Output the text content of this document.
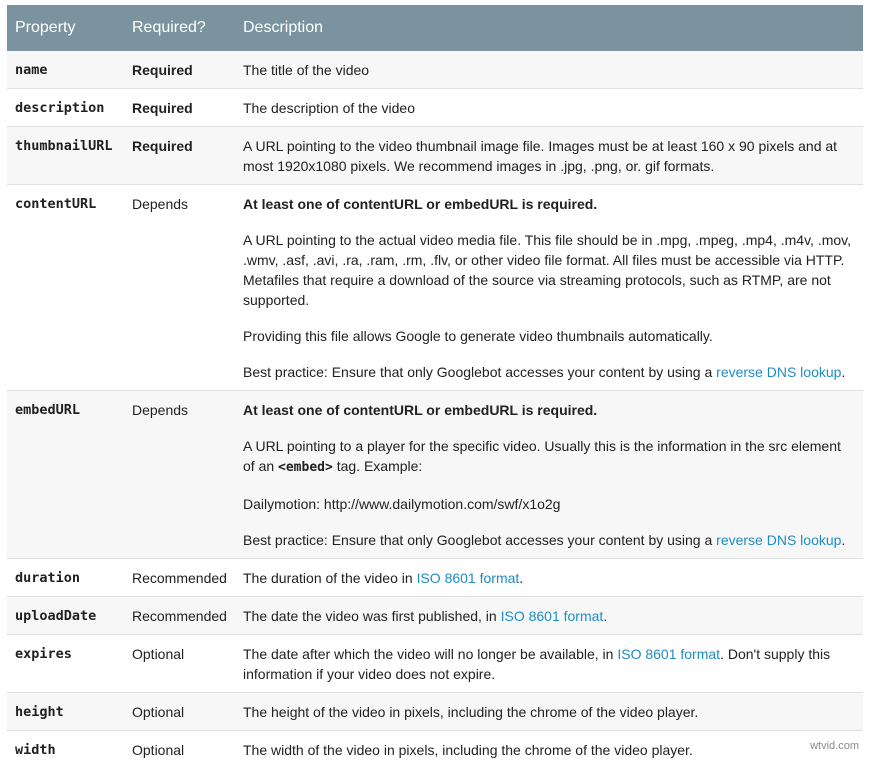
Property	Required?	Description
name	Required	The title of the video
description	Required	The description of the video
thumbnailURL	Required	A URL pointing to the video thumbnail image file. Images must be at least 160 x 90 pixels and at most 1920x1080 pixels. We recommend images in .jpg, .png, or. gif formats.
contentURL	Depends	At least one of contentURL or embedURL is required.

A URL pointing to the actual video media file. This file should be in .mpg, .mpeg, .mp4, .m4v, .mov, .wmv, .asf, .avi, .ra, .ram, .rm, .flv, or other video file format. All files must be accessible via HTTP. Metafiles that require a download of the source via streaming protocols, such as RTMP, are not supported.

Providing this file allows Google to generate video thumbnails automatically.

Best practice: Ensure that only Googlebot accesses your content by using a reverse DNS lookup.

embedURL	Depends	At least one of contentURL or embedURL is required.

A URL pointing to a player for the specific video. Usually this is the information in the src element of an <embed> tag. Example:

Dailymotion: http://www.dailymotion.com/swf/x1o2g

Best practice: Ensure that only Googlebot accesses your content by using a reverse DNS lookup.

duration	Recommended	The duration of the video in ISO 8601 format.
uploadDate	Recommended	The date the video was first published, in ISO 8601 format.
expires	Optional	The date after which the video will no longer be available, in ISO 8601 format. Don't supply this information if your video does not expire.
height	Optional	The height of the video in pixels, including the chrome of the video player.
width	Optional	The width of the video in pixels, including the chrome of the video player.	wtvid.com
